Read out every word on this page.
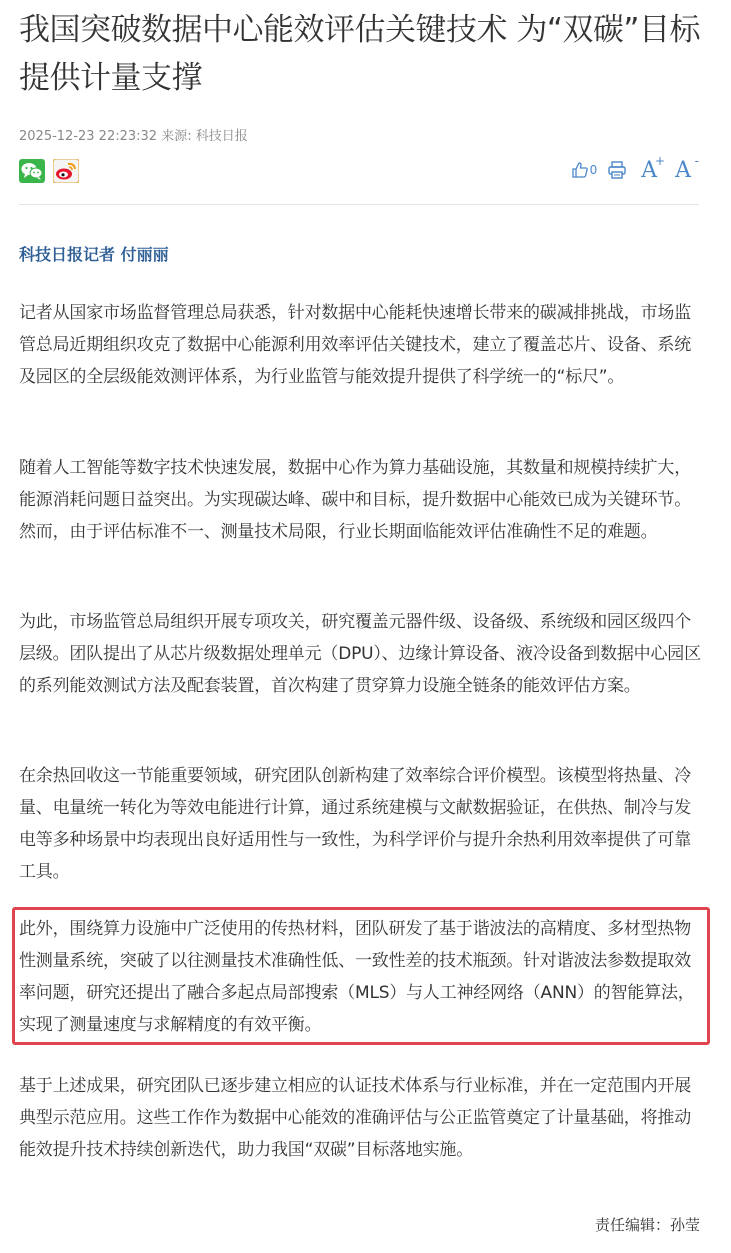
我国突破数据中心能效评估关键技术 为“双碳”目标提供计量支撑
2025-12-23 22:23:32 来源: 科技日报
0 A
+ A -
科技日报记者 付丽丽

记者从国家市场监督管理总局获悉，针对数据中心能耗快速增长带来的碳减排挑战，市场监管总局近期组织攻克了数据中心能源利用效率评估关键技术，建立了覆盖芯片、设备、系统及园区的全层级能效测评体系，为行业监管与能效提升提供了科学统一的“标尺”。

随着人工智能等数字技术快速发展，数据中心作为算力基础设施，其数量和规模持续扩大，能源消耗问题日益突出。为实现碳达峰、碳中和目标，提升数据中心能效已成为关键环节。然而，由于评估标准不一、测量技术局限，行业长期面临能效评估准确性不足的难题。

为此，市场监管总局组织开展专项攻关，研究覆盖元器件级、设备级、系统级和园区级四个层级。团队提出了从芯片级数据处理单元（DPU）、边缘计算设备、液冷设备到数据中心园区的系列能效测试方法及配套装置，首次构建了贯穿算力设施全链条的能效评估方案。

在余热回收这一节能重要领域，研究团队创新构建了效率综合评价模型。该模型将热量、冷量、电量统一转化为等效电能进行计算，通过系统建模与文献数据验证，在供热、制冷与发电等多种场景中均表现出良好适用性与一致性，为科学评价与提升余热利用效率提供了可靠工具。

此外，围绕算力设施中广泛使用的传热材料，团队研发了基于谐波法的高精度、多材型热物性测量系统，突破了以往测量技术准确性低、一致性差的技术瓶颈。针对谐波法参数提取效率问题，研究还提出了融合多起点局部搜索（MLS）与人工神经网络（ANN）的智能算法，实现了测量速度与求解精度的有效平衡。

基于上述成果，研究团队已逐步建立相应的认证技术体系与行业标准，并在一定范围内开展典型示范应用。这些工作作为数据中心能效的准确评估与公正监管奠定了计量基础，将推动能效提升技术持续创新迭代，助力我国“双碳”目标落地实施。

责任编辑：孙莹
